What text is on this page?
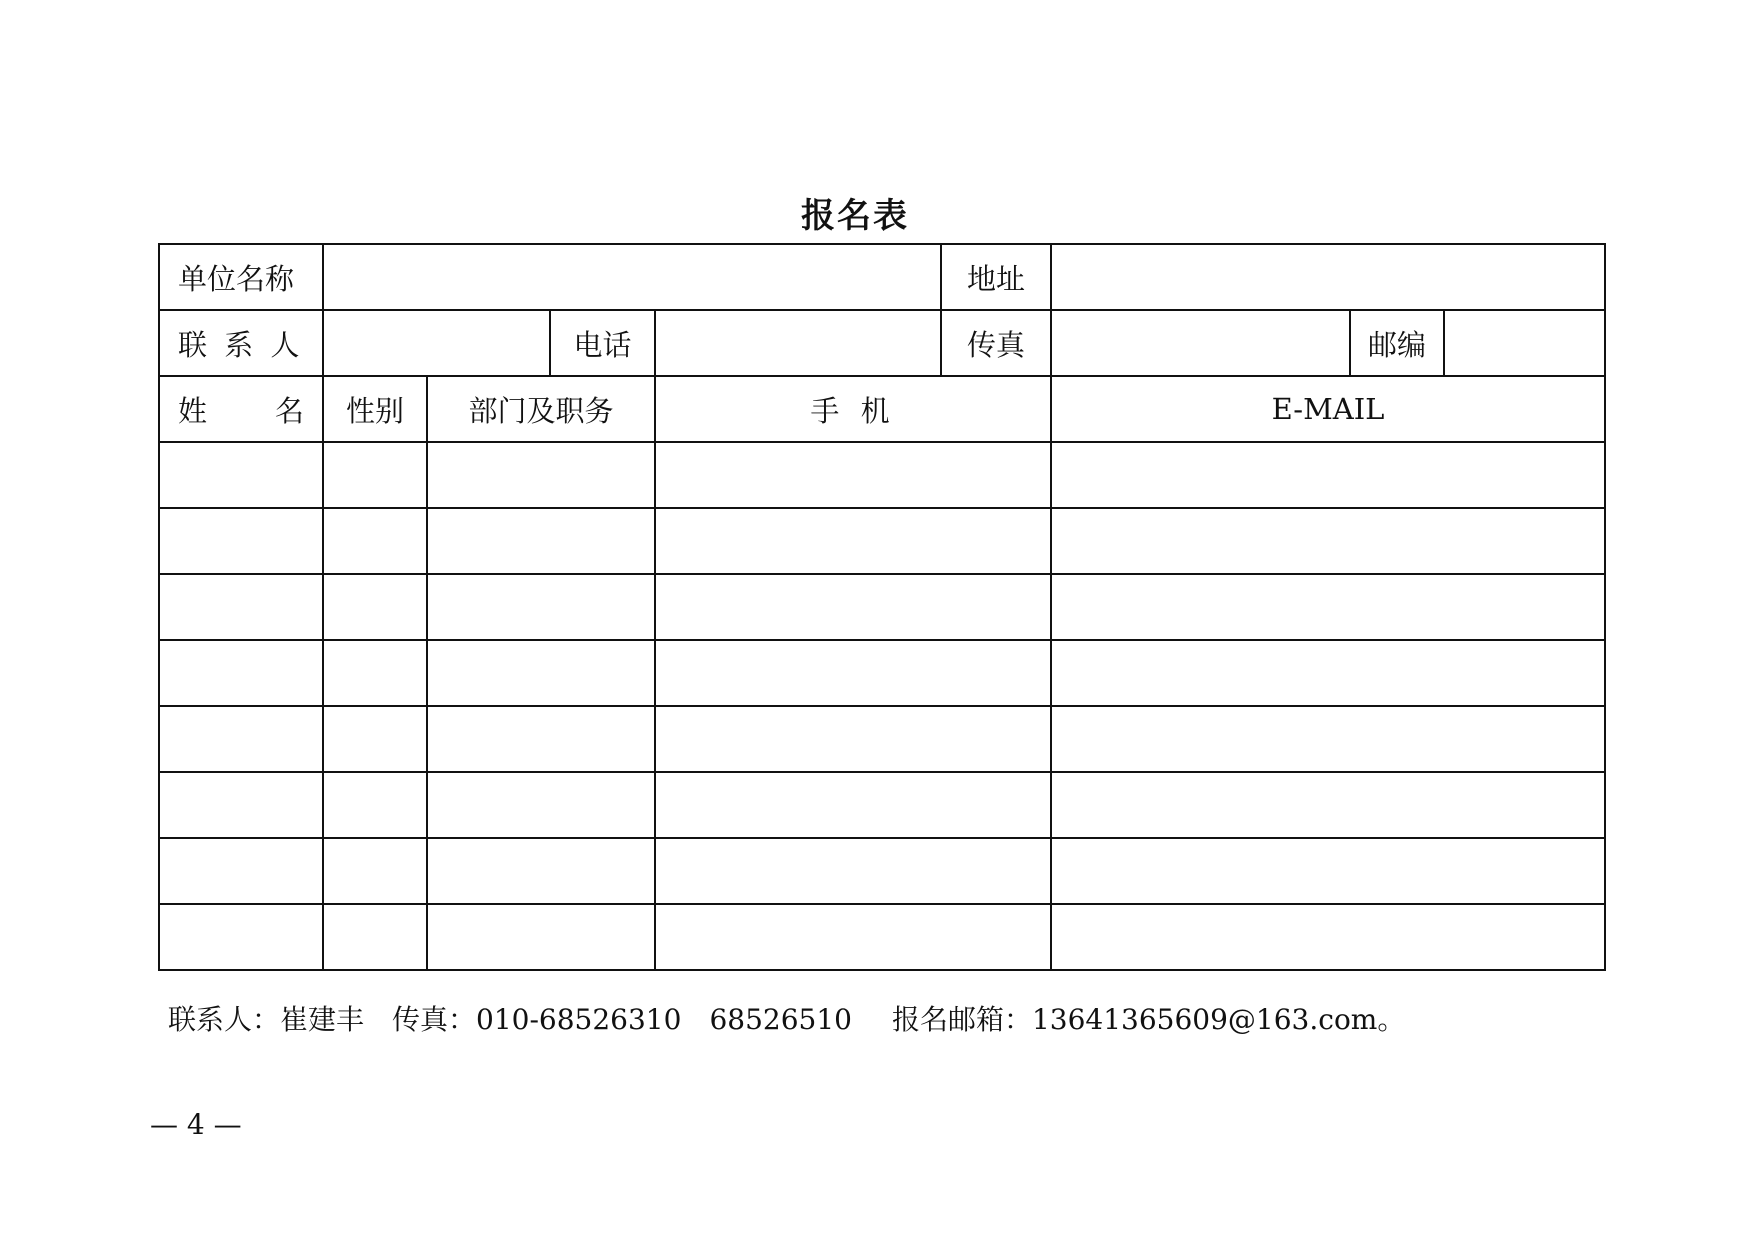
报名表
单位名称					地址			
联 系 人			电话		传真		邮编	

姓 名	性别	部门及职务		手 机		E-MAIL		

联系人：崔建丰 传真：010-68526310 68526510 报名邮箱：13641365609@163.com。
— 4 —
